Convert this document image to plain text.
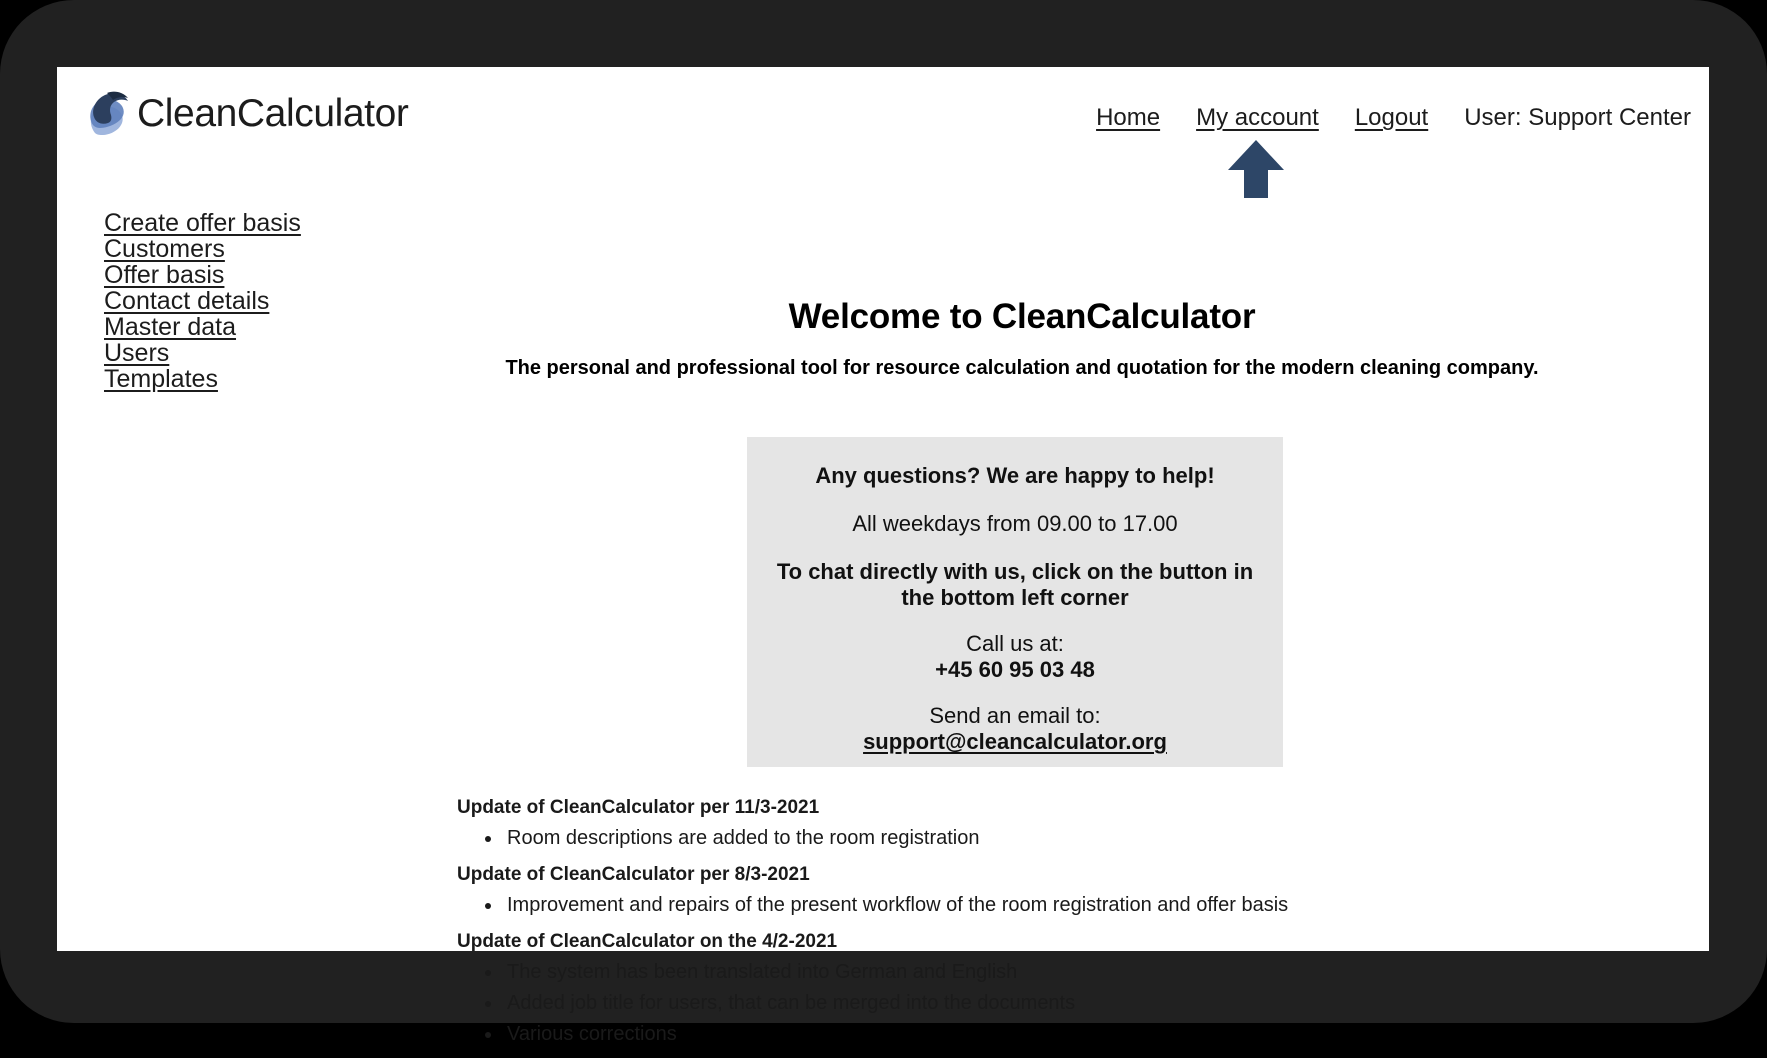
CleanCalculator	Home My account Logout User: Support Center
Create offer basis
Customers
Offer basis
Contact details
Master data
Users
Templates
Welcome to CleanCalculator

The personal and professional tool for resource calculation and quotation for the modern cleaning company.

Any questions? We are happy to help!

All weekdays from 09.00 to 17.00

To chat directly with us, click on the button in the bottom left corner

Call us at:

+45 60 95 03 48

Send an email to:

support@cleancalculator.org

Update of CleanCalculator per 11/3-2021

• Room descriptions are added to the room registration

Update of CleanCalculator per 8/3-2021

• Improvement and repairs of the present workflow of the room registration and offer basis

Update of CleanCalculator on the 4/2-2021

• The system has been translated into German and English
• Added job title for users, that can be merged into the documents
• Various corrections
